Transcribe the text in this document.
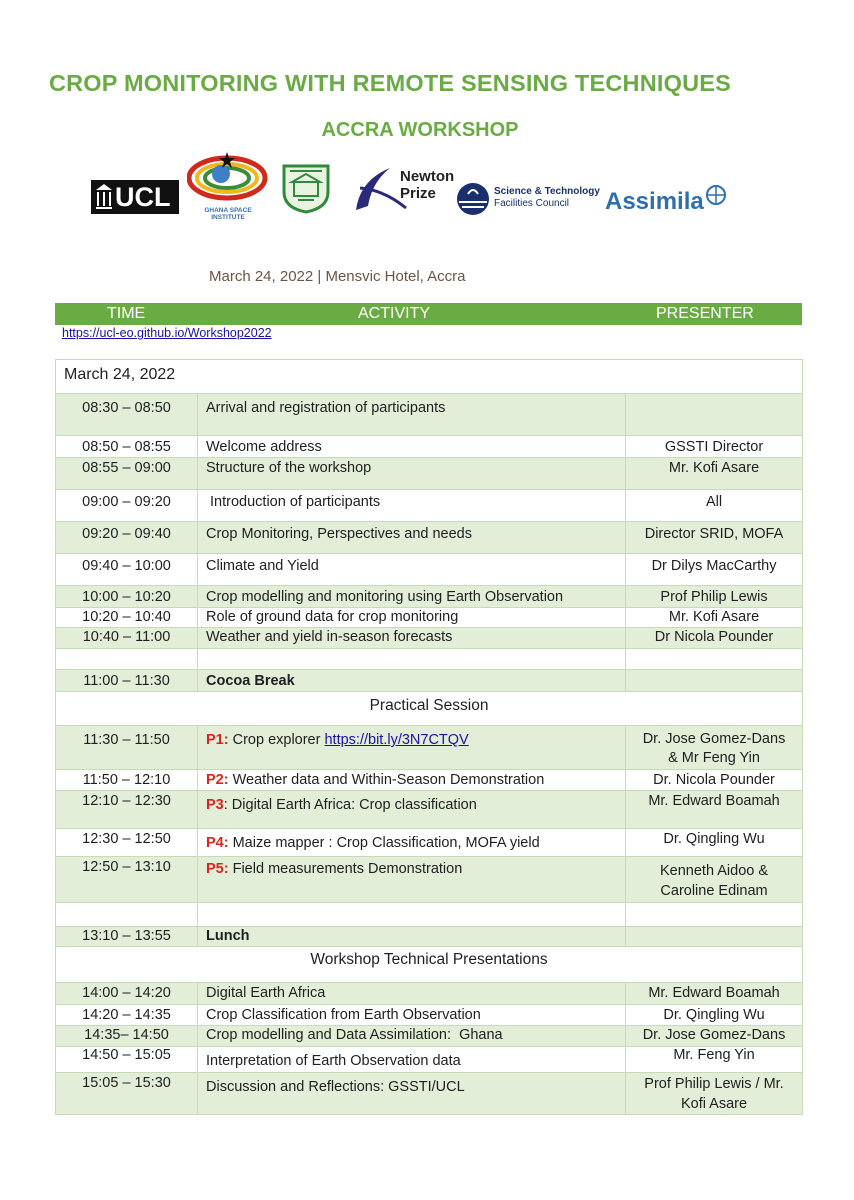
CROP MONITORING WITH REMOTE SENSING TECHNIQUES
ACCRA WORKSHOP
UCL	GHANA SPACE INSTITUTE
Newton
Prize	Science & Technology
Facilities Council Assimila
March 24, 2022 | Mensvic Hotel, Accra
TIME	ACTIVITY	PRESENTER
https://ucl-eo.github.io/Workshop2022
March 24, 2022		
08:30 – 08:50	Arrival and registration of participants	
08:50 – 08:55	Welcome address	GSSTI Director
08:55 – 09:00	Structure of the workshop	Mr. Kofi Asare
09:00 – 09:20	Introduction of participants	All
09:20 – 09:40	Crop Monitoring, Perspectives and needs	Director SRID, MOFA
09:40 – 10:00	Climate and Yield	Dr Dilys MacCarthy
10:00 – 10:20	Crop modelling and monitoring using Earth Observation	Prof Philip Lewis
10:20 – 10:40	Role of ground data for crop monitoring	Mr. Kofi Asare
10:40 – 11:00	Weather and yield in-season forecasts	Dr Nicola Pounder

11:00 – 11:30	Cocoa Break	
Practical Session		
11:30 – 11:50	P1: Crop explorer https://bit.ly/3N7CTQV	Dr. Jose Gomez-Dans
& Mr Feng Yin

11:50 – 12:10	P2: Weather data and Within-Season Demonstration	Dr. Nicola Pounder
12:10 – 12:30	P3: Digital Earth Africa: Crop classification	Mr. Edward Boamah
12:30 – 12:50	P4: Maize mapper : Crop Classification, MOFA yield	Dr. Qingling Wu
12:50 – 13:10	P5: Field measurements Demonstration	Kenneth Aidoo &
Caroline Edinam

13:10 – 13:55	Lunch	
Workshop Technical Presentations		
14:00 – 14:20	Digital Earth Africa	Mr. Edward Boamah
14:20 – 14:35	Crop Classification from Earth Observation	Dr. Qingling Wu
14:35– 14:50	Crop modelling and Data Assimilation:  Ghana	Dr. Jose Gomez-Dans
14:50 – 15:05	Interpretation of Earth Observation data	Mr. Feng Yin
15:05 – 15:30	Discussion and Reflections: GSSTI/UCL	Prof Philip Lewis / Mr.
Kofi Asare
